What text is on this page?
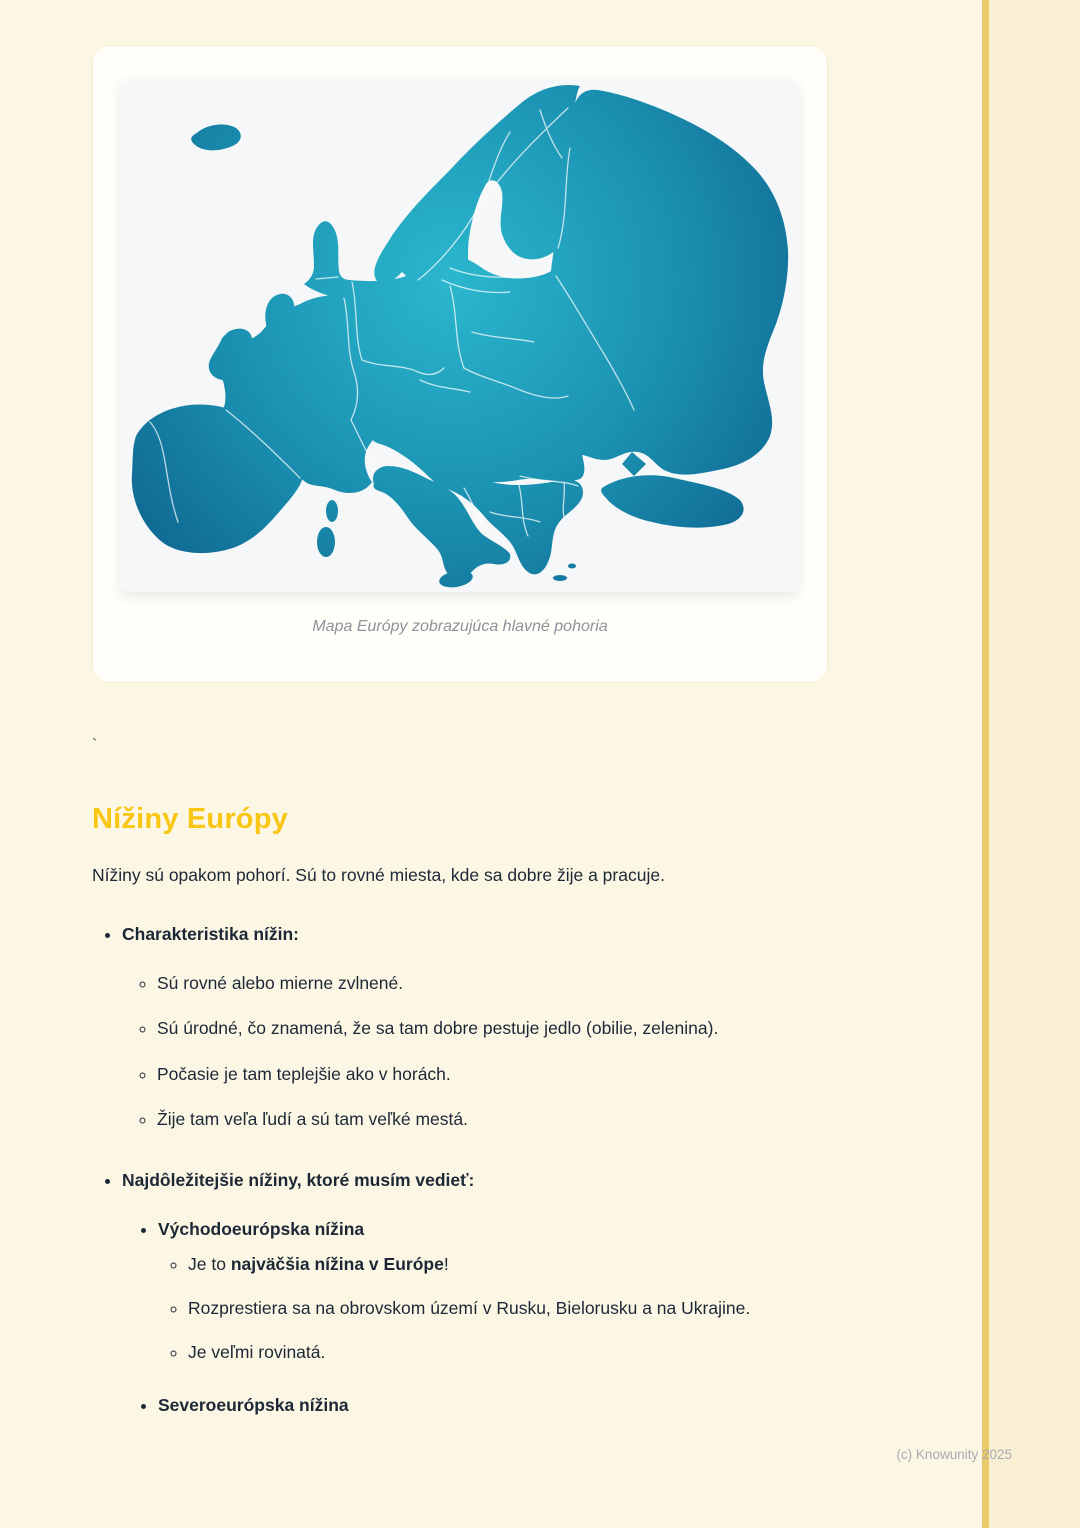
Mapa Európy zobrazujúca hlavné pohoria
`
Nížiny Európy

Nížiny sú opakom pohorí. Sú to rovné miesta, kde sa dobre žije a pracuje.

• Charakteristika nížin:
◦ Sú rovné alebo mierne zvlnené.
◦ Sú úrodné, čo znamená, že sa tam dobre pestuje jedlo (obilie, zelenina).
◦ Počasie je tam teplejšie ako v horách.
◦ Žije tam veľa ľudí a sú tam veľké mestá.
• Najdôležitejšie nížiny, ktoré musím vedieť:
• Východoeurópska nížina
◦ Je to najväčšia nížina v Európe!
◦ Rozprestiera sa na obrovskom území v Rusku, Bielorusku a na Ukrajine.
◦ Je veľmi rovinatá.
• Severoeurópska nížina
(c) Knowunity 2025
